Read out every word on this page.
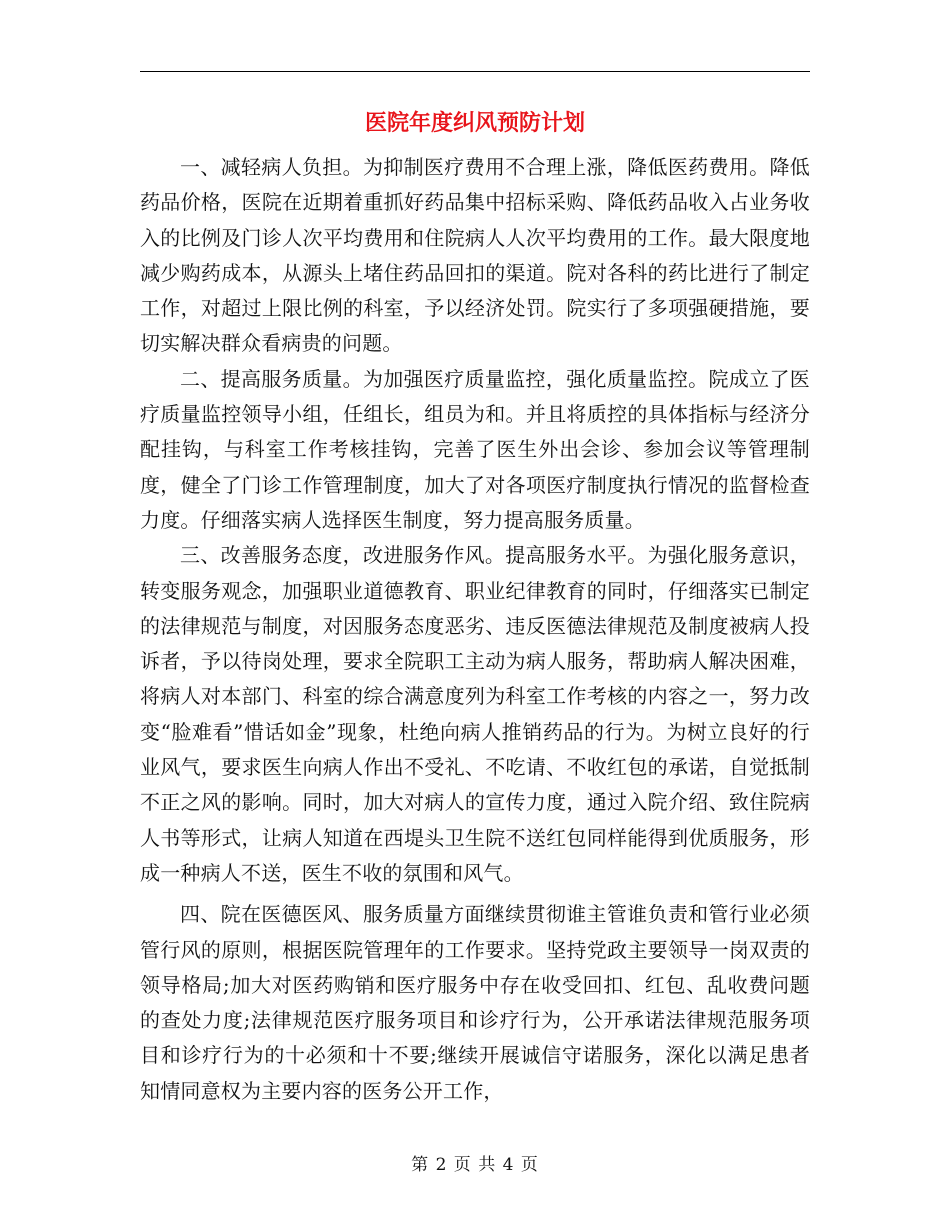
医院年度纠风预防计划

一、减轻病人负担。为抑制医疗费用不合理上涨，降低医药费用。降低药品价格，医院在近期着重抓好药品集中招标采购、降低药品收入占业务收入的比例及门诊人次平均费用和住院病人人次平均费用的工作。最大限度地减少购药成本，从源头上堵住药品回扣的渠道。院对各科的药比进行了制定工作，对超过上限比例的科室，予以经济处罚。院实行了多项强硬措施，要切实解决群众看病贵的问题。

二、提高服务质量。为加强医疗质量监控，强化质量监控。院成立了医疗质量监控领导小组，任组长，组员为和。并且将质控的具体指标与经济分配挂钩，与科室工作考核挂钩，完善了医生外出会诊、参加会议等管理制度，健全了门诊工作管理制度，加大了对各项医疗制度执行情况的监督检查力度。仔细落实病人选择医生制度，努力提高服务质量。

三、改善服务态度，改进服务作风。提高服务水平。为强化服务意识，转变服务观念，加强职业道德教育、职业纪律教育的同时，仔细落实已制定的法律规范与制度，对因服务态度恶劣、违反医德法律规范及制度被病人投诉者，予以待岗处理，要求全院职工主动为病人服务，帮助病人解决困难，将病人对本部门、科室的综合满意度列为科室工作考核的内容之一，努力改变“脸难看”惜话如金”现象，杜绝向病人推销药品的行为。为树立良好的行业风气，要求医生向病人作出不受礼、不吃请、不收红包的承诺，自觉抵制不正之风的影响。同时，加大对病人的宣传力度，通过入院介绍、致住院病人书等形式，让病人知道在西堤头卫生院不送红包同样能得到优质服务，形成一种病人不送，医生不收的氛围和风气。

四、院在医德医风、服务质量方面继续贯彻谁主管谁负责和管行业必须管行风的原则，根据医院管理年的工作要求。坚持党政主要领导一岗双责的领导格局;加大对医药购销和医疗服务中存在收受回扣、红包、乱收费问题的查处力度;法律规范医疗服务项目和诊疗行为，公开承诺法律规范服务项目和诊疗行为的十必须和十不要;继续开展诚信守诺服务，深化以满足患者知情同意权为主要内容的医务公开工作，

第 2 页 共 4 页
